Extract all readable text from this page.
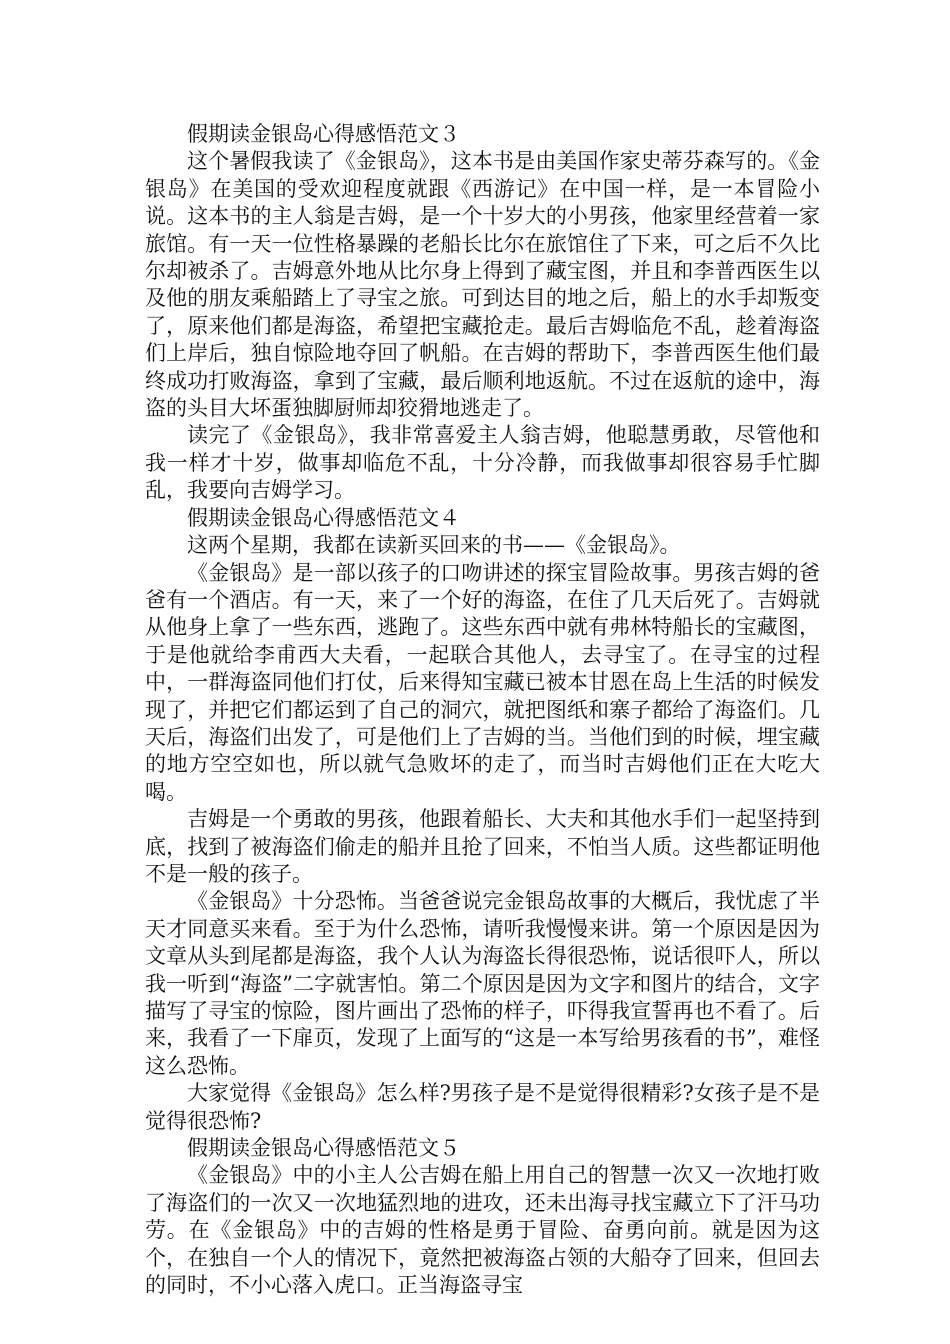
假期读金银岛心得感悟范文３

这个暑假我读了《金银岛》，这本书是由美国作家史蒂芬森写的。《金银岛》在美国的受欢迎程度就跟《西游记》在中国一样，是一本冒险小说。这本书的主人翁是吉姆，是一个十岁大的小男孩，他家里经营着一家旅馆。有一天一位性格暴躁的老船长比尔在旅馆住了下来，可之后不久比尔却被杀了。吉姆意外地从比尔身上得到了藏宝图，并且和李普西医生以及他的朋友乘船踏上了寻宝之旅。可到达目的地之后，船上的水手却叛变了，原来他们都是海盗，希望把宝藏抢走。最后吉姆临危不乱，趁着海盗们上岸后，独自惊险地夺回了帆船。在吉姆的帮助下，李普西医生他们最终成功打败海盗，拿到了宝藏，最后顺利地返航。不过在返航的途中，海盗的头目大坏蛋独脚厨师却狡猾地逃走了。

读完了《金银岛》，我非常喜爱主人翁吉姆，他聪慧勇敢，尽管他和我一样才十岁，做事却临危不乱，十分冷静，而我做事却很容易手忙脚乱，我要向吉姆学习。

假期读金银岛心得感悟范文４

这两个星期，我都在读新买回来的书——《金银岛》。

《金银岛》是一部以孩子的口吻讲述的探宝冒险故事。男孩吉姆的爸爸有一个酒店。有一天，来了一个好的海盗，在住了几天后死了。吉姆就从他身上拿了一些东西，逃跑了。这些东西中就有弗林特船长的宝藏图，于是他就给李甫西大夫看，一起联合其他人，去寻宝了。在寻宝的过程中，一群海盗同他们打仗，后来得知宝藏已被本甘恩在岛上生活的时候发现了，并把它们都运到了自己的洞穴，就把图纸和寨子都给了海盗们。几天后，海盗们出发了，可是他们上了吉姆的当。当他们到的时候，埋宝藏的地方空空如也，所以就气急败坏的走了，而当时吉姆他们正在大吃大喝。

吉姆是一个勇敢的男孩，他跟着船长、大夫和其他水手们一起坚持到底，找到了被海盗们偷走的船并且抢了回来，不怕当人质。这些都证明他不是一般的孩子。

《金银岛》十分恐怖。当爸爸说完金银岛故事的大概后，我忧虑了半天才同意买来看。至于为什么恐怖，请听我慢慢来讲。第一个原因是因为文章从头到尾都是海盗，我个人认为海盗长得很恐怖，说话很吓人，所以我一听到“海盗”二字就害怕。第二个原因是因为文字和图片的结合，文字描写了寻宝的惊险，图片画出了恐怖的样子，吓得我宣誓再也不看了。后来，我看了一下扉页，发现了上面写的“这是一本写给男孩看的书”，难怪这么恐怖。

大家觉得《金银岛》怎么样?男孩子是不是觉得很精彩?女孩子是不是觉得很恐怖?

假期读金银岛心得感悟范文５

《金银岛》中的小主人公吉姆在船上用自己的智慧一次又一次地打败了海盗们的一次又一次地猛烈地的进攻，还未出海寻找宝藏立下了汗马功劳。在《金银岛》中的吉姆的性格是勇于冒险、奋勇向前。就是因为这个，在独自一个人的情况下，竟然把被海盗占领的大船夺了回来，但回去的同时，不小心落入虎口。正当海盗寻宝
